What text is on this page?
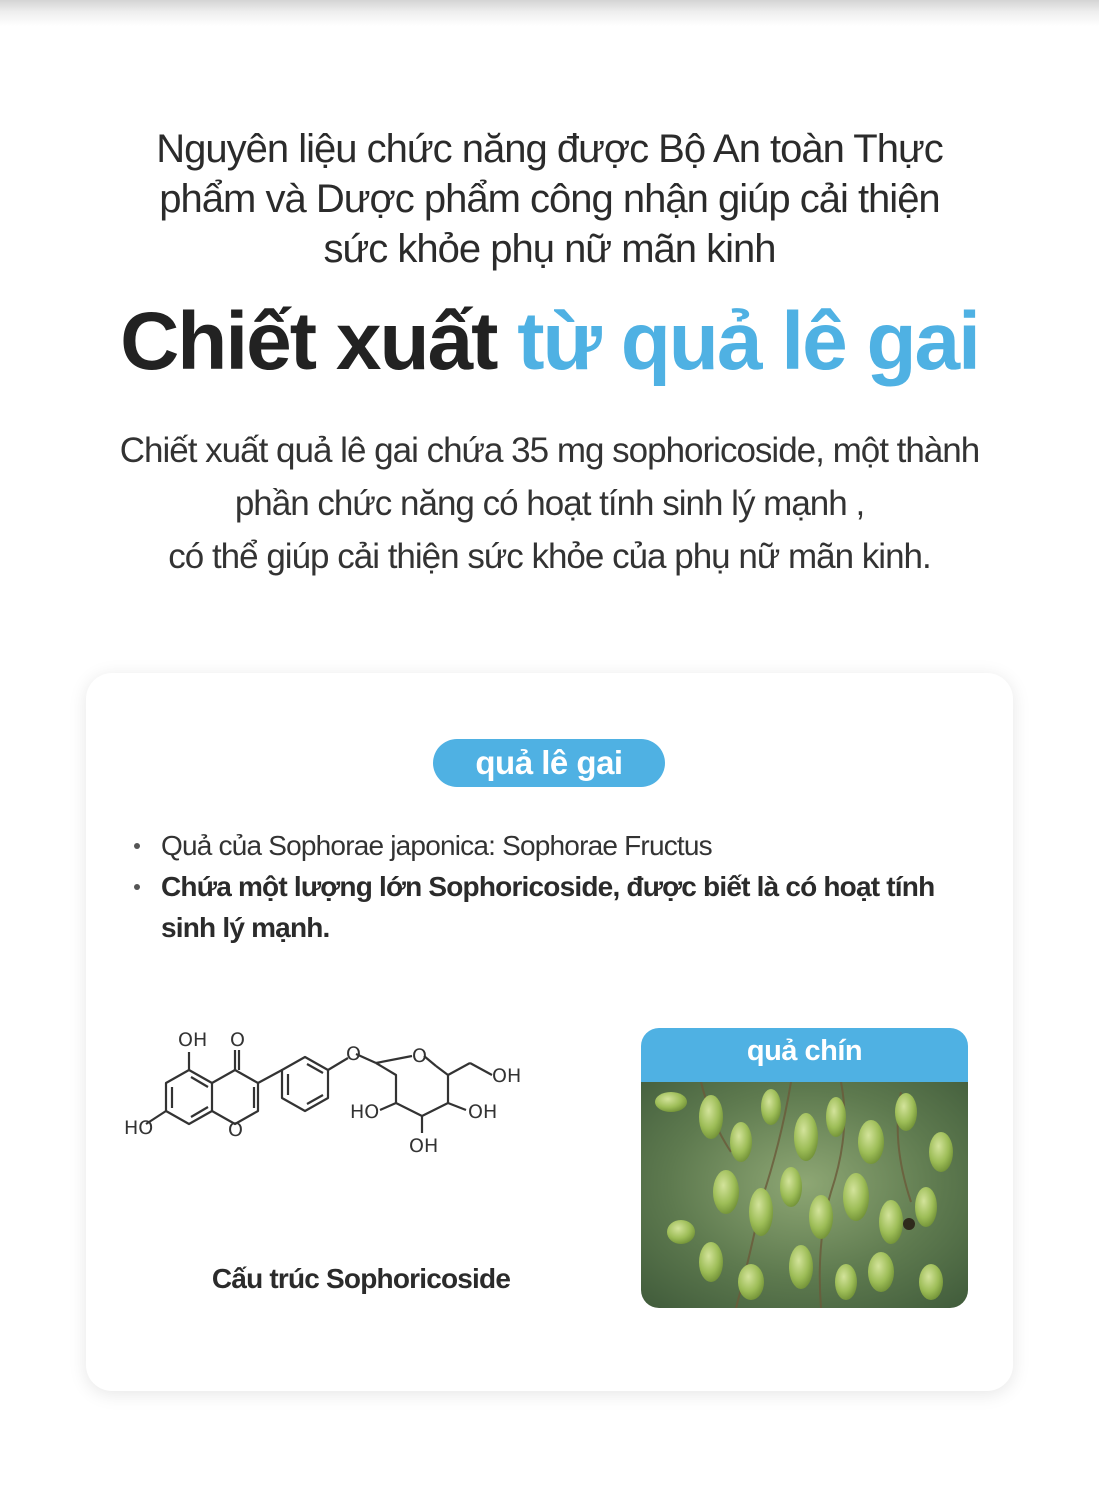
Nguyên liệu chức năng được Bộ An toàn Thực
phẩm và Dược phẩm công nhận giúp cải thiện
sức khỏe phụ nữ mãn kinh
Chiết xuất từ quả lê gai
Chiết xuất quả lê gai chứa 35 mg sophoricoside, một thành
phần chức năng có hoạt tính sinh lý mạnh ,
có thể giúp cải thiện sức khỏe của phụ nữ mãn kinh.
quả lê gai
Quả của Sophorae japonica: Sophorae Fructus
Chứa một lượng lớn Sophoricoside, được biết là có hoạt tính sinh lý mạnh.
OH O
HO	O
O	O
OH
HO	OH
OH
Cấu trúc Sophoricoside
quả chín
